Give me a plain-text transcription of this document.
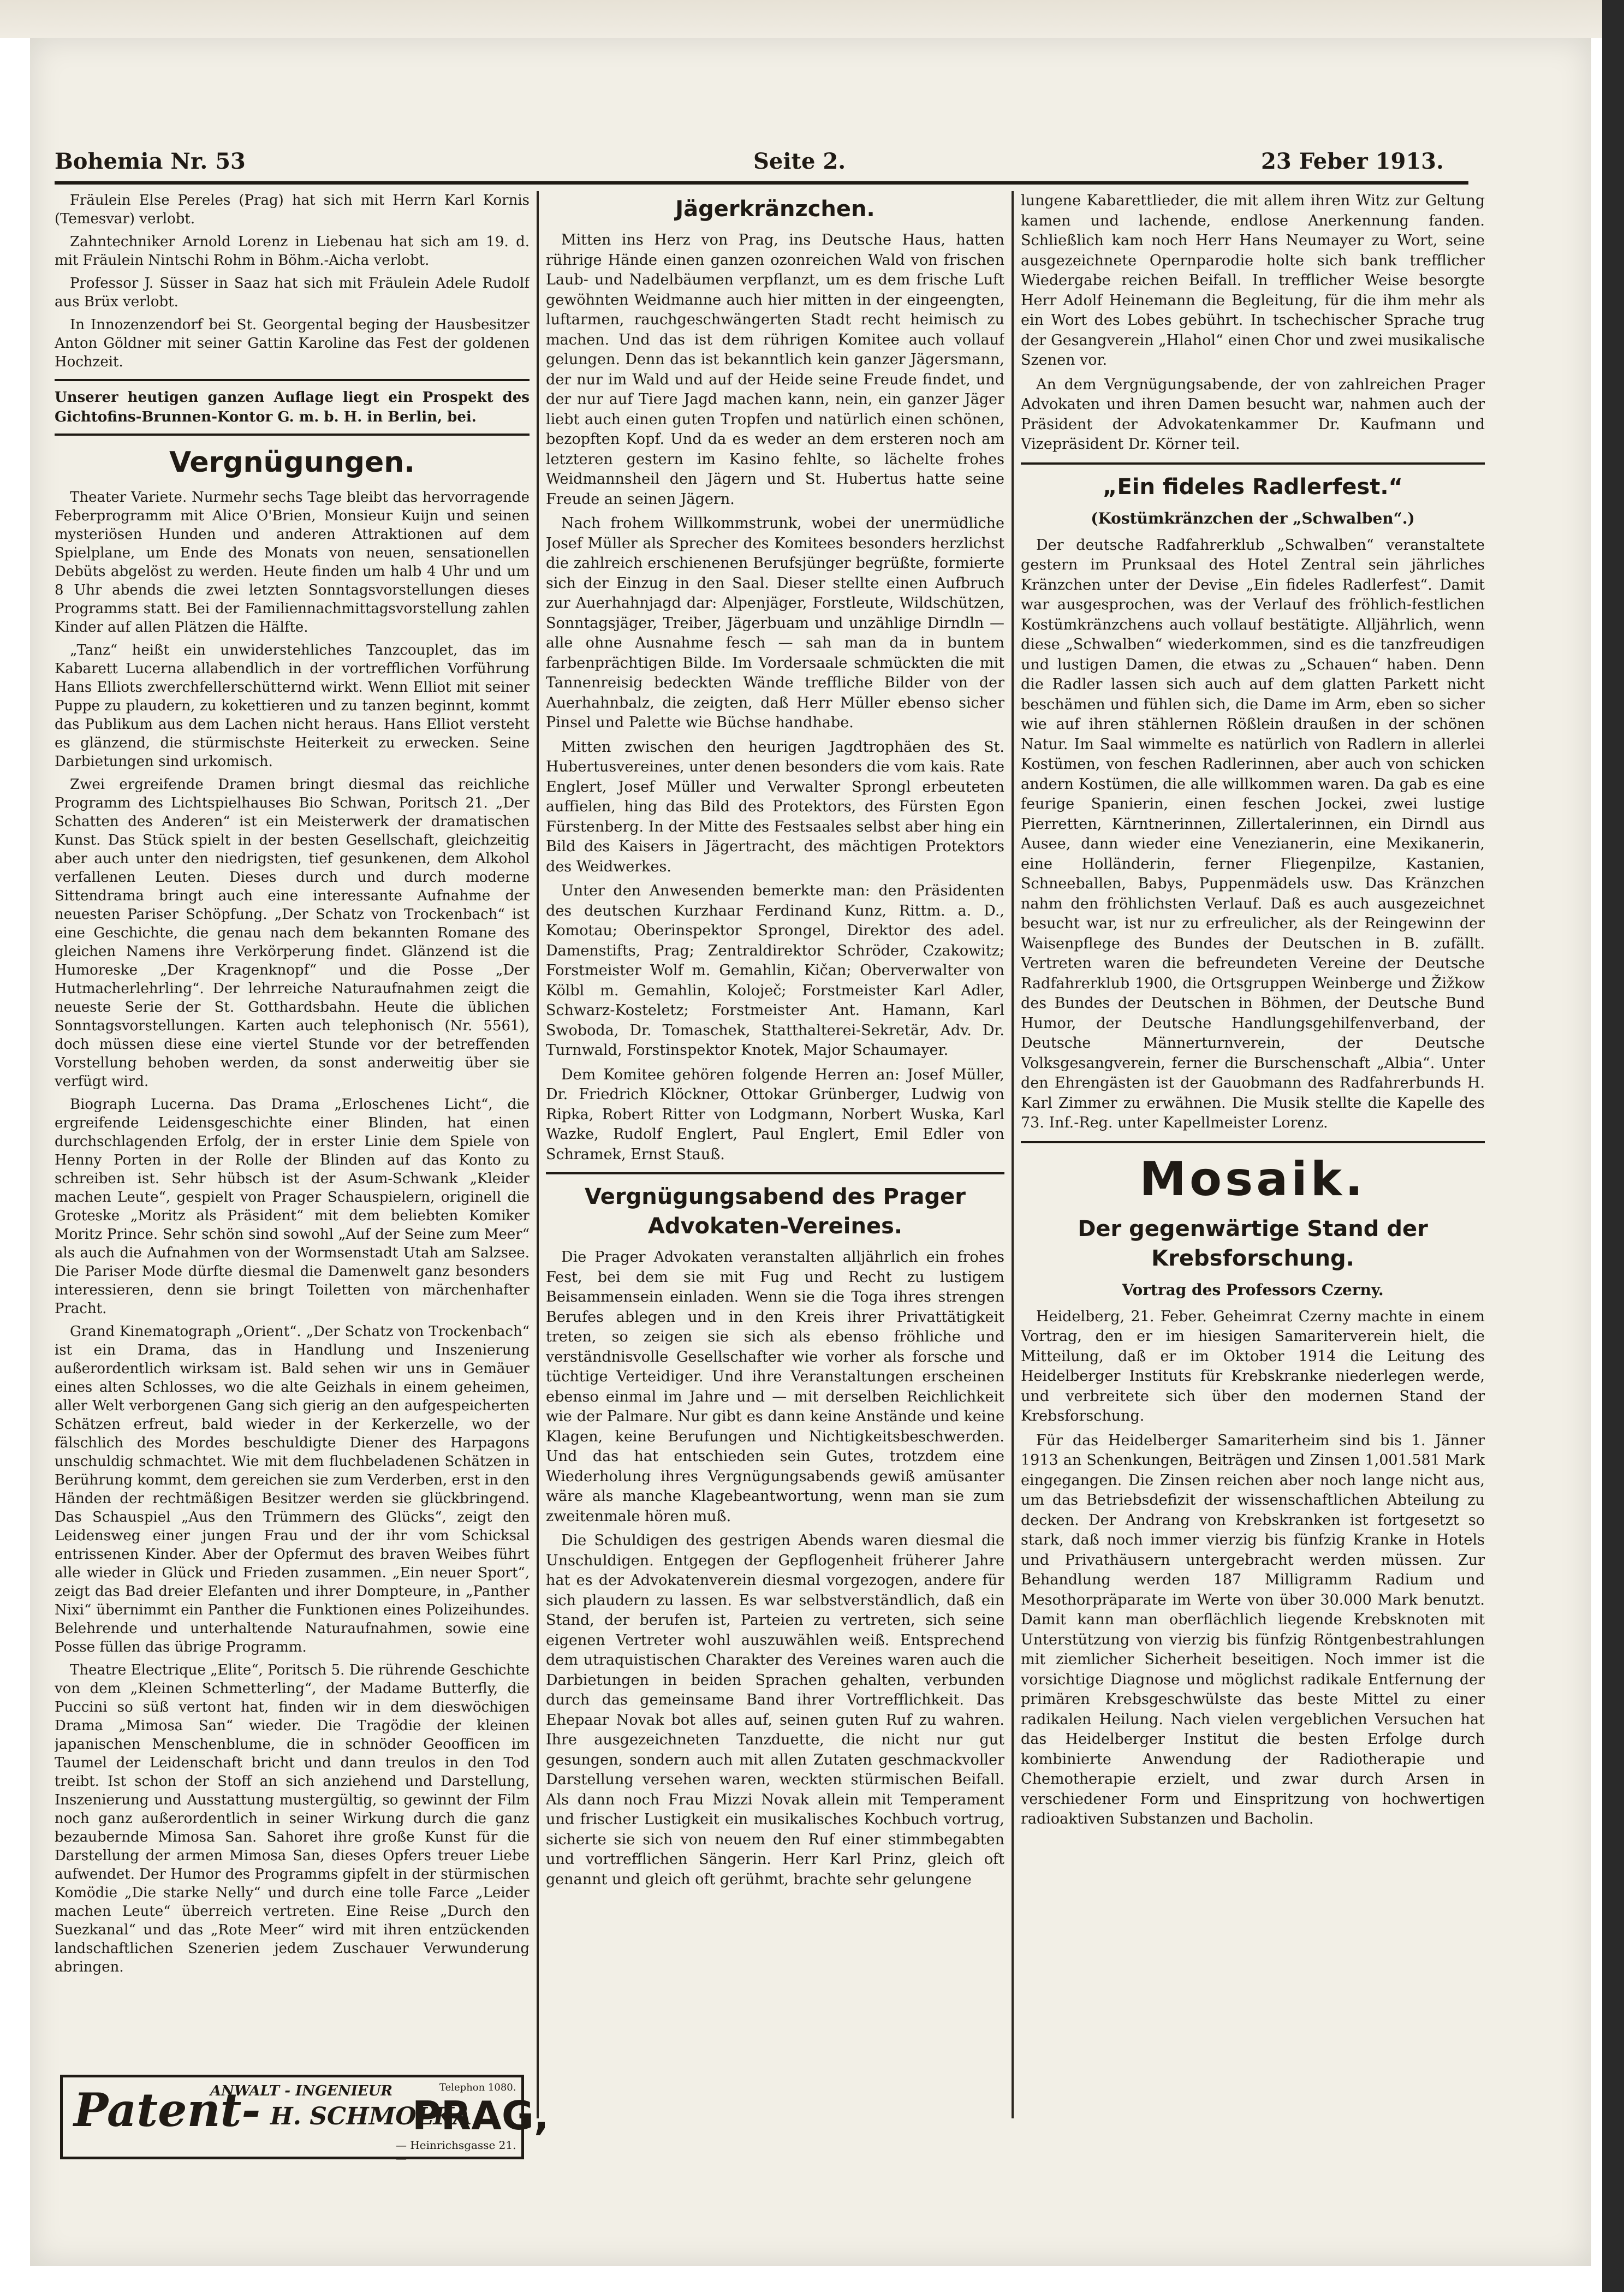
Bohemia Nr. 53	Seite 2.	23 Feber 1913.

Fräulein Else Pereles (Prag) hat sich mit Herrn Karl Kornis (Temesvar) verlobt.

Zahntechniker Arnold Lorenz in Liebenau hat sich am 19. d. mit Fräulein Nintschi Rohm in Böhm.-Aicha verlobt.

Professor J. Süsser in Saaz hat sich mit Fräulein Adele Rudolf aus Brüx verlobt.

In Innozenzendorf bei St. Georgental beging der Hausbesitzer Anton Göldner mit seiner Gattin Karoline das Fest der goldenen Hochzeit.

Unserer heutigen ganzen Auflage liegt ein Prospekt des Gichtofins-Brunnen-Kontor G. m. b. H. in Berlin, bei.
Vergnügungen.

Theater Variete. Nurmehr sechs Tage bleibt das hervorragende Feberprogramm mit Alice O'Brien, Monsieur Kuijn und seinen mysteriösen Hunden und anderen Attraktionen auf dem Spielplane, um Ende des Monats von neuen, sensationellen Debüts abgelöst zu werden. Heute finden um halb 4 Uhr und um 8 Uhr abends die zwei letzten Sonntagsvorstellungen dieses Programms statt. Bei der Familiennachmittagsvorstellung zahlen Kinder auf allen Plätzen die Hälfte.

„Tanz“ heißt ein unwiderstehliches Tanzcouplet, das im Kabarett Lucerna allabendlich in der vortrefflichen Vorführung Hans Elliots zwerchfellerschütternd wirkt. Wenn Elliot mit seiner Puppe zu plaudern, zu kokettieren und zu tanzen beginnt, kommt das Publikum aus dem Lachen nicht heraus. Hans Elliot versteht es glänzend, die stürmischste Heiterkeit zu erwecken. Seine Darbietungen sind urkomisch.

Zwei ergreifende Dramen bringt diesmal das reichliche Programm des Lichtspielhauses Bio Schwan, Poritsch 21. „Der Schatten des Anderen“ ist ein Meisterwerk der dramatischen Kunst. Das Stück spielt in der besten Gesellschaft, gleichzeitig aber auch unter den niedrigsten, tief gesunkenen, dem Alkohol verfallenen Leuten. Dieses durch und durch moderne Sittendrama bringt auch eine interessante Aufnahme der neuesten Pariser Schöpfung. „Der Schatz von Trockenbach“ ist eine Geschichte, die genau nach dem bekannten Romane des gleichen Namens ihre Verkörperung findet. Glänzend ist die Humoreske „Der Kragenknopf“ und die Posse „Der Hutmacherlehrling“. Der lehrreiche Naturaufnahmen zeigt die neueste Serie der St. Gotthardsbahn. Heute die üblichen Sonntagsvorstellungen. Karten auch telephonisch (Nr. 5561), doch müssen diese eine viertel Stunde vor der betreffenden Vorstellung behoben werden, da sonst anderweitig über sie verfügt wird.

Biograph Lucerna. Das Drama „Erloschenes Licht“, die ergreifende Leidensgeschichte einer Blinden, hat einen durchschlagenden Erfolg, der in erster Linie dem Spiele von Henny Porten in der Rolle der Blinden auf das Konto zu schreiben ist. Sehr hübsch ist der Asum-Schwank „Kleider machen Leute“, gespielt von Prager Schauspielern, originell die Groteske „Moritz als Präsident“ mit dem beliebten Komiker Moritz Prince. Sehr schön sind sowohl „Auf der Seine zum Meer“ als auch die Aufnahmen von der Wormsenstadt Utah am Salzsee. Die Pariser Mode dürfte diesmal die Damenwelt ganz besonders interessieren, denn sie bringt Toiletten von märchenhafter Pracht.

Grand Kinematograph „Orient“. „Der Schatz von Trockenbach“ ist ein Drama, das in Handlung und Inszenierung außerordentlich wirksam ist. Bald sehen wir uns in Gemäuer eines alten Schlosses, wo die alte Geizhals in einem geheimen, aller Welt verborgenen Gang sich gierig an den aufgespeicherten Schätzen erfreut, bald wieder in der Kerkerzelle, wo der fälschlich des Mordes beschuldigte Diener des Harpagons unschuldig schmachtet. Wie mit dem fluchbeladenen Schätzen in Berührung kommt, dem gereichen sie zum Verderben, erst in den Händen der rechtmäßigen Besitzer werden sie glückbringend. Das Schauspiel „Aus den Trümmern des Glücks“, zeigt den Leidensweg einer jungen Frau und der ihr vom Schicksal entrissenen Kinder. Aber der Opfermut des braven Weibes führt alle wieder in Glück und Frieden zusammen. „Ein neuer Sport“, zeigt das Bad dreier Elefanten und ihrer Dompteure, in „Panther Nixi“ übernimmt ein Panther die Funktionen eines Polizeihundes. Belehrende und unterhaltende Naturaufnahmen, sowie eine Posse füllen das übrige Programm.

Theatre Electrique „Elite“, Poritsch 5. Die rührende Geschichte von dem „Kleinen Schmetterling“, der Madame Butterfly, die Puccini so süß vertont hat, finden wir in dem dieswöchigen Drama „Mimosa San“ wieder. Die Tragödie der kleinen japanischen Menschenblume, die in schnöder Geoofficen im Taumel der Leidenschaft bricht und dann treulos in den Tod treibt. Ist schon der Stoff an sich anziehend und Darstellung, Inszenierung und Ausstattung mustergültig, so gewinnt der Film noch ganz außerordentlich in seiner Wirkung durch die ganz bezaubernde Mimosa San. Sahoret ihre große Kunst für die Darstellung der armen Mimosa San, dieses Opfers treuer Liebe aufwendet. Der Humor des Programms gipfelt in der stürmischen Komödie „Die starke Nelly“ und durch eine tolle Farce „Leider machen Leute“ überreich vertreten. Eine Reise „Durch den Suezkanal“ und das „Rote Meer“ wird mit ihren entzückenden landschaftlichen Szenerien jedem Zuschauer Verwunderung abringen.

Patent-
ANWALT - INGENIEUR
H. SCHMOLKA
PRAG,
Telephon 1080.
— Heinrichsgasse 21. —
Jägerkränzchen.

Mitten ins Herz von Prag, ins Deutsche Haus, hatten rührige Hände einen ganzen ozonreichen Wald von frischen Laub- und Nadelbäumen verpflanzt, um es dem frische Luft gewöhnten Weidmanne auch hier mitten in der eingeengten, luftarmen, rauchgeschwängerten Stadt recht heimisch zu machen. Und das ist dem rührigen Komitee auch vollauf gelungen. Denn das ist bekanntlich kein ganzer Jägersmann, der nur im Wald und auf der Heide seine Freude findet, und der nur auf Tiere Jagd machen kann, nein, ein ganzer Jäger liebt auch einen guten Tropfen und natürlich einen schönen, bezopften Kopf. Und da es weder an dem ersteren noch am letzteren gestern im Kasino fehlte, so lächelte frohes Weidmannsheil den Jägern und St. Hubertus hatte seine Freude an seinen Jägern.

Nach frohem Willkommstrunk, wobei der unermüdliche Josef Müller als Sprecher des Komitees besonders herzlichst die zahlreich erschienenen Berufsjünger begrüßte, formierte sich der Einzug in den Saal. Dieser stellte einen Aufbruch zur Auerhahnjagd dar: Alpenjäger, Forstleute, Wildschützen, Sonntagsjäger, Treiber, Jägerbuam und unzählige Dirndln — alle ohne Ausnahme fesch — sah man da in buntem farbenprächtigen Bilde. Im Vordersaale schmückten die mit Tannenreisig bedeckten Wände treffliche Bilder von der Auerhahnbalz, die zeigten, daß Herr Müller ebenso sicher Pinsel und Palette wie Büchse handhabe.

Mitten zwischen den heurigen Jagdtrophäen des St. Hubertusvereines, unter denen besonders die vom kais. Rate Englert, Josef Müller und Verwalter Sprongl erbeuteten auffielen, hing das Bild des Protektors, des Fürsten Egon Fürstenberg. In der Mitte des Festsaales selbst aber hing ein Bild des Kaisers in Jägertracht, des mächtigen Protektors des Weidwerkes.

Unter den Anwesenden bemerkte man: den Präsidenten des deutschen Kurzhaar Ferdinand Kunz, Rittm. a. D., Komotau; Oberinspektor Sprongel, Direktor des adel. Damenstifts, Prag; Zentraldirektor Schröder, Czakowitz; Forstmeister Wolf m. Gemahlin, Kičan; Oberverwalter von Kölbl m. Gemahlin, Koloječ; Forstmeister Karl Adler, Schwarz-Kosteletz; Forstmeister Ant. Hamann, Karl Swoboda, Dr. Tomaschek, Statthalterei-Sekretär, Adv. Dr. Turnwald, Forstinspektor Knotek, Major Schaumayer.

Dem Komitee gehören folgende Herren an: Josef Müller, Dr. Friedrich Klöckner, Ottokar Grünberger, Ludwig von Ripka, Robert Ritter von Lodgmann, Norbert Wuska, Karl Wazke, Rudolf Englert, Paul Englert, Emil Edler von Schramek, Ernst Stauß.

Vergnügungsabend des Prager Advokaten-Vereines.

Die Prager Advokaten veranstalten alljährlich ein frohes Fest, bei dem sie mit Fug und Recht zu lustigem Beisammensein einladen. Wenn sie die Toga ihres strengen Berufes ablegen und in den Kreis ihrer Privattätigkeit treten, so zeigen sie sich als ebenso fröhliche und verständnisvolle Gesellschafter wie vorher als forsche und tüchtige Verteidiger. Und ihre Veranstaltungen erscheinen ebenso einmal im Jahre und — mit derselben Reichlichkeit wie der Palmare. Nur gibt es dann keine Anstände und keine Klagen, keine Berufungen und Nichtigkeitsbeschwerden. Und das hat entschieden sein Gutes, trotzdem eine Wiederholung ihres Vergnügungsabends gewiß amüsanter wäre als manche Klagebeantwortung, wenn man sie zum zweitenmale hören muß.

Die Schuldigen des gestrigen Abends waren diesmal die Unschuldigen. Entgegen der Gepflogenheit früherer Jahre hat es der Advokatenverein diesmal vorgezogen, andere für sich plaudern zu lassen. Es war selbstverständlich, daß ein Stand, der berufen ist, Parteien zu vertreten, sich seine eigenen Vertreter wohl auszuwählen weiß. Entsprechend dem utraquistischen Charakter des Vereines waren auch die Darbietungen in beiden Sprachen gehalten, verbunden durch das gemeinsame Band ihrer Vortrefflichkeit. Das Ehepaar Novak bot alles auf, seinen guten Ruf zu wahren. Ihre ausgezeichneten Tanzduette, die nicht nur gut gesungen, sondern auch mit allen Zutaten geschmackvoller Darstellung versehen waren, weckten stürmischen Beifall. Als dann noch Frau Mizzi Novak allein mit Temperament und frischer Lustigkeit ein musikalisches Kochbuch vortrug, sicherte sie sich von neuem den Ruf einer stimmbegabten und vortrefflichen Sängerin. Herr Karl Prinz, gleich oft genannt und gleich oft gerühmt, brachte sehr gelungene

lungene Kabarettlieder, die mit allem ihren Witz zur Geltung kamen und lachende, endlose Anerkennung fanden. Schließlich kam noch Herr Hans Neumayer zu Wort, seine ausgezeichnete Opernparodie holte sich bank trefflicher Wiedergabe reichen Beifall. In trefflicher Weise besorgte Herr Adolf Heinemann die Begleitung, für die ihm mehr als ein Wort des Lobes gebührt. In tschechischer Sprache trug der Gesangverein „Hlahol“ einen Chor und zwei musikalische Szenen vor.

An dem Vergnügungsabende, der von zahlreichen Prager Advokaten und ihren Damen besucht war, nahmen auch der Präsident der Advokatenkammer Dr. Kaufmann und Vizepräsident Dr. Körner teil.

„Ein fideles Radlerfest.“
(Kostümkränzchen der „Schwalben“.)

Der deutsche Radfahrerklub „Schwalben“ veranstaltete gestern im Prunksaal des Hotel Zentral sein jährliches Kränzchen unter der Devise „Ein fideles Radlerfest“. Damit war ausgesprochen, was der Verlauf des fröhlich-festlichen Kostümkränzchens auch vollauf bestätigte. Alljährlich, wenn diese „Schwalben“ wiederkommen, sind es die tanzfreudigen und lustigen Damen, die etwas zu „Schauen“ haben. Denn die Radler lassen sich auch auf dem glatten Parkett nicht beschämen und fühlen sich, die Dame im Arm, eben so sicher wie auf ihren stählernen Rößlein draußen in der schönen Natur. Im Saal wimmelte es natürlich von Radlern in allerlei Kostümen, von feschen Radlerinnen, aber auch von schicken andern Kostümen, die alle willkommen waren. Da gab es eine feurige Spanierin, einen feschen Jockei, zwei lustige Pierretten, Kärntnerinnen, Zillertalerinnen, ein Dirndl aus Ausee, dann wieder eine Venezianerin, eine Mexikanerin, eine Holländerin, ferner Fliegenpilze, Kastanien, Schneeballen, Babys, Puppenmädels usw. Das Kränzchen nahm den fröhlichsten Verlauf. Daß es auch ausgezeichnet besucht war, ist nur zu erfreulicher, als der Reingewinn der Waisenpflege des Bundes der Deutschen in B. zufällt. Vertreten waren die befreundeten Vereine der Deutsche Radfahrerklub 1900, die Ortsgruppen Weinberge und Žižkow des Bundes der Deutschen in Böhmen, der Deutsche Bund Humor, der Deutsche Handlungsgehilfenverband, der Deutsche Männerturnverein, der Deutsche Volksgesangverein, ferner die Burschenschaft „Albia“. Unter den Ehrengästen ist der Gauobmann des Radfahrerbunds H. Karl Zimmer zu erwähnen. Die Musik stellte die Kapelle des 73. Inf.-Reg. unter Kapellmeister Lorenz.

Mosaik.
Der gegenwärtige Stand der Krebsforschung.
Vortrag des Professors Czerny.

Heidelberg, 21. Feber. Geheimrat Czerny machte in einem Vortrag, den er im hiesigen Samariterverein hielt, die Mitteilung, daß er im Oktober 1914 die Leitung des Heidelberger Instituts für Krebskranke niederlegen werde, und verbreitete sich über den modernen Stand der Krebsforschung.

Für das Heidelberger Samariterheim sind bis 1. Jänner 1913 an Schenkungen, Beiträgen und Zinsen 1,001.581 Mark eingegangen. Die Zinsen reichen aber noch lange nicht aus, um das Betriebsdefizit der wissenschaftlichen Abteilung zu decken. Der Andrang von Krebskranken ist fortgesetzt so stark, daß noch immer vierzig bis fünfzig Kranke in Hotels und Privathäusern untergebracht werden müssen. Zur Behandlung werden 187 Milligramm Radium und Mesothorpräparate im Werte von über 30.000 Mark benutzt. Damit kann man oberflächlich liegende Krebsknoten mit Unterstützung von vierzig bis fünfzig Röntgenbestrahlungen mit ziemlicher Sicherheit beseitigen. Noch immer ist die vorsichtige Diagnose und möglichst radikale Entfernung der primären Krebsgeschwülste das beste Mittel zu einer radikalen Heilung. Nach vielen vergeblichen Versuchen hat das Heidelberger Institut die besten Erfolge durch kombinierte Anwendung der Radiotherapie und Chemotherapie erzielt, und zwar durch Arsen in verschiedener Form und Einspritzung von hochwertigen radioaktiven Substanzen und Bacholin.
